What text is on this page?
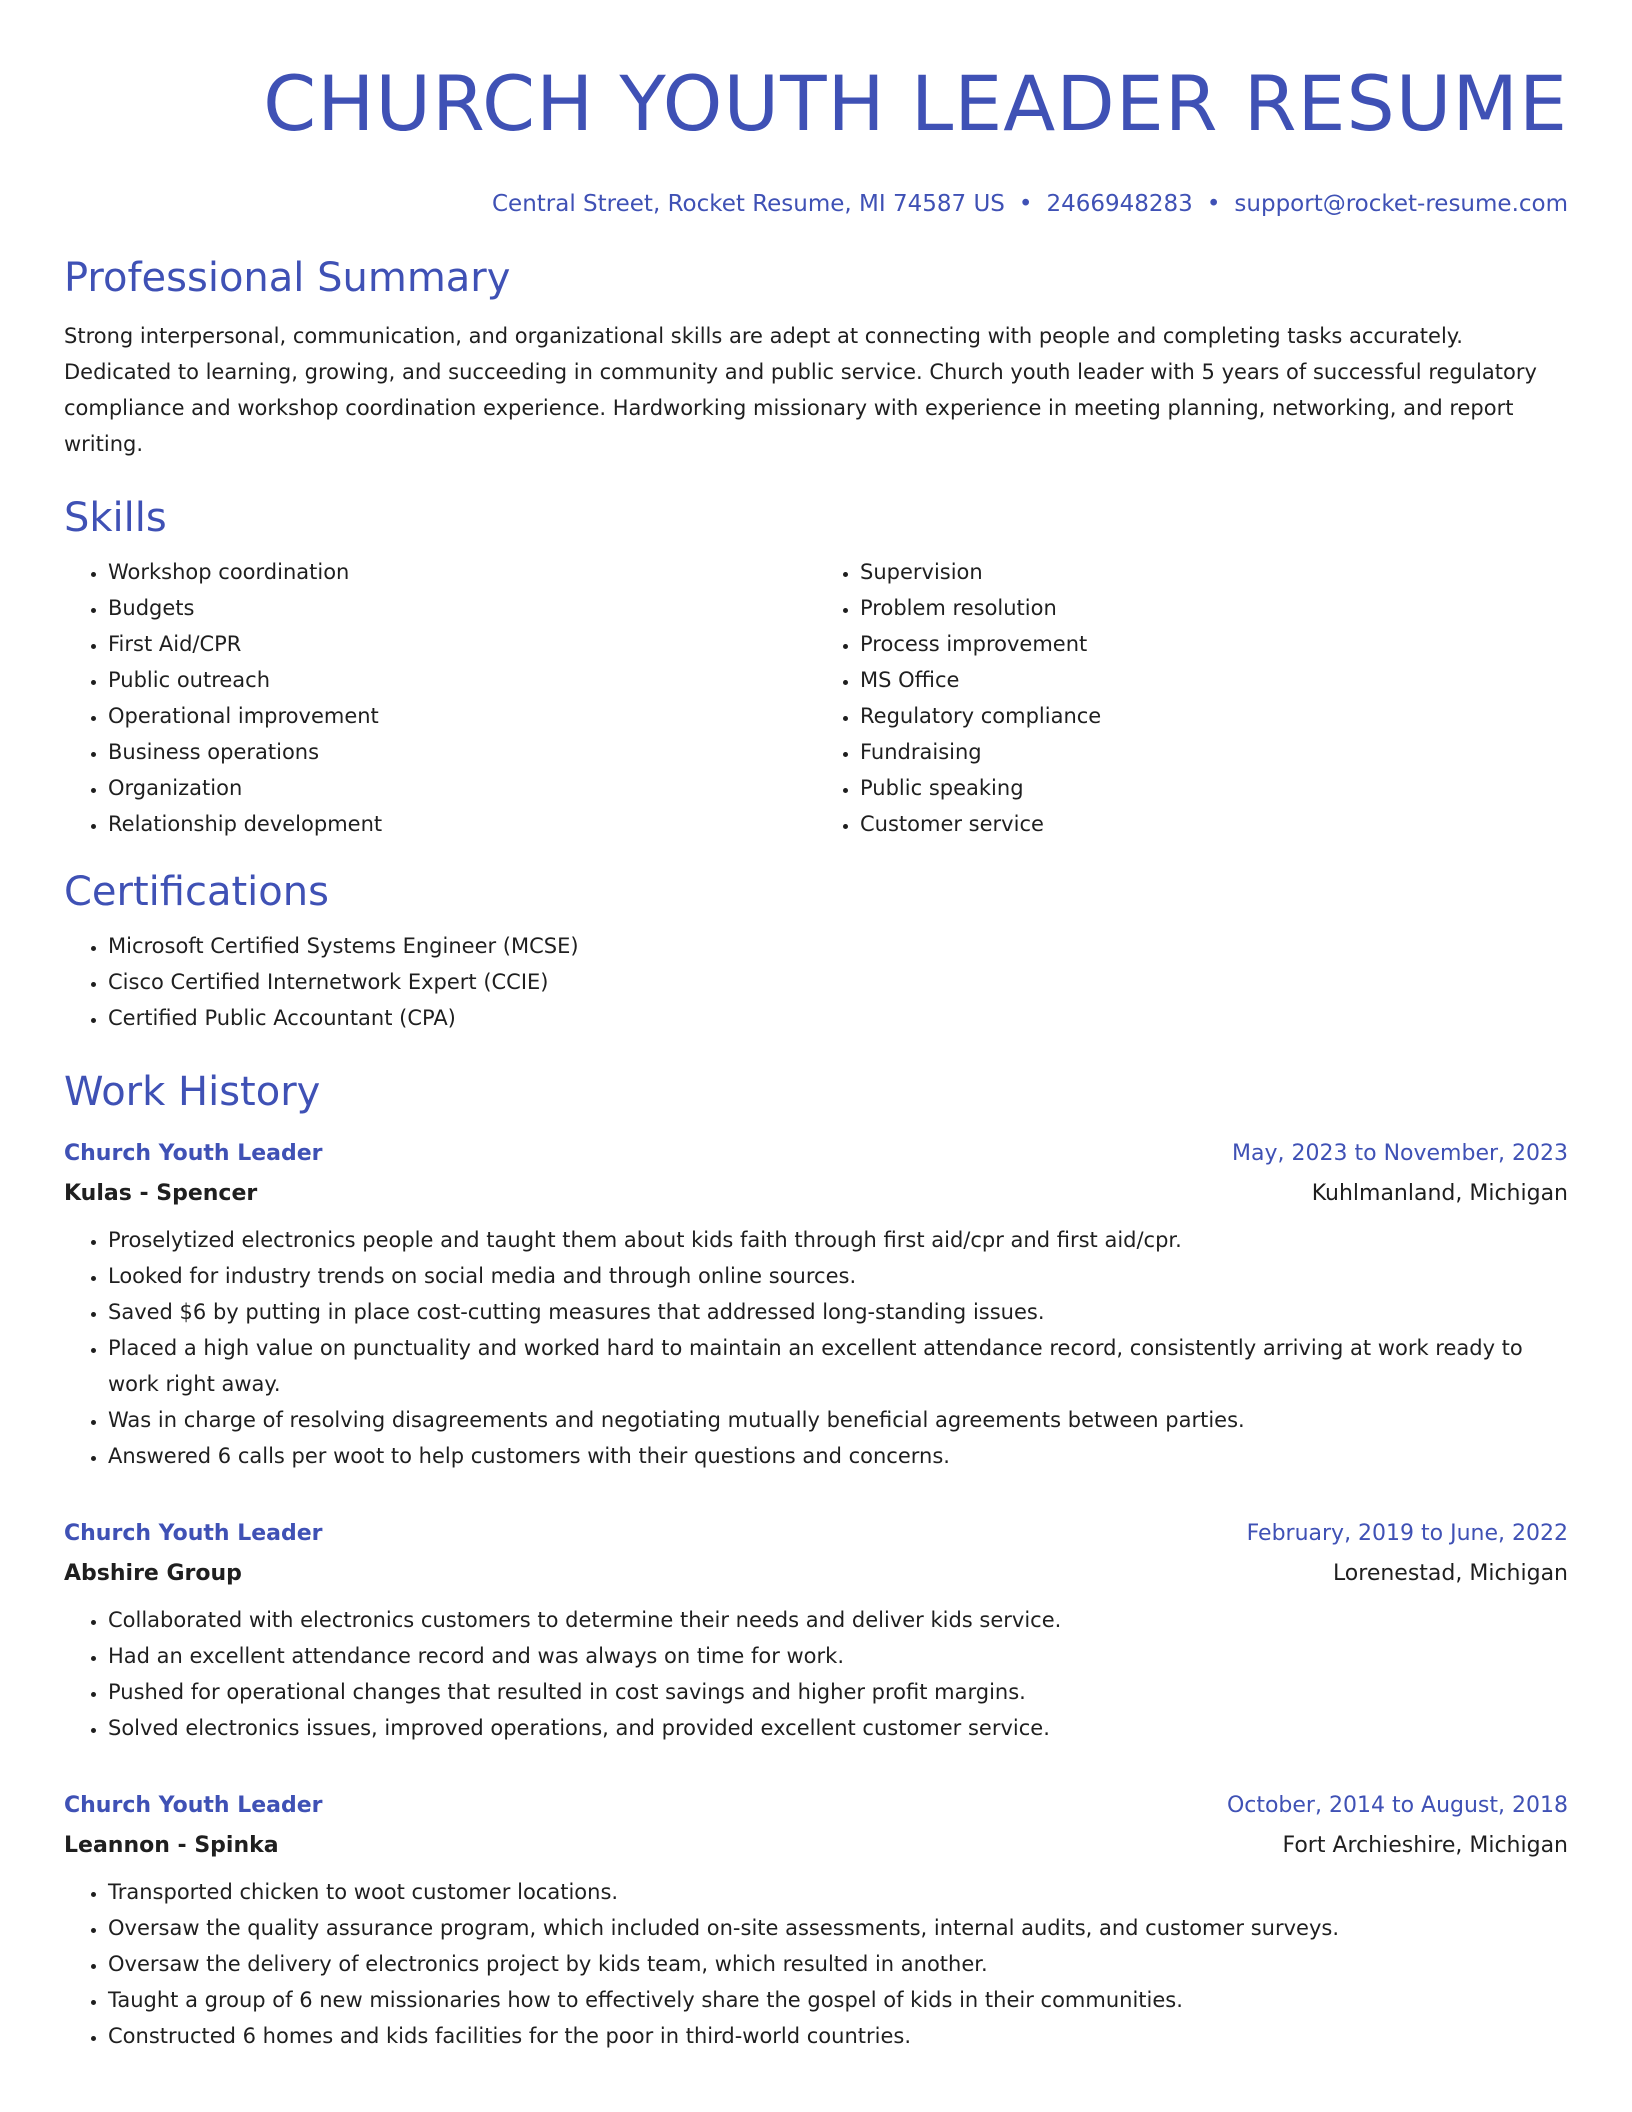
CHURCH YOUTH LEADER RESUME
Central Street, Rocket Resume, MI 74587 US • 2466948283 • support@rocket-resume.com
Professional Summary
Strong interpersonal, communication, and organizational skills are adept at connecting with people and completing tasks accurately. Dedicated to learning, growing, and succeeding in community and public service. Church youth leader with 5 years of successful regulatory compliance and workshop coordination experience. Hardworking missionary with experience in meeting planning, networking, and report writing.
Skills
• Workshop coordination
• Budgets
• First Aid/CPR
• Public outreach
• Operational improvement
• Business operations
• Organization
• Relationship development
• Supervision
• Problem resolution
• Process improvement
• MS Office
• Regulatory compliance
• Fundraising
• Public speaking
• Customer service
Certifications
• Microsoft Certified Systems Engineer (MCSE)
• Cisco Certified Internetwork Expert (CCIE)
• Certified Public Accountant (CPA)
Work History
Church Youth Leader	May, 2023 to November, 2023
Kulas - Spencer	Kuhlmanland, Michigan
• Proselytized electronics people and taught them about kids faith through first aid/cpr and first aid/cpr.
• Looked for industry trends on social media and through online sources.
• Saved $6 by putting in place cost-cutting measures that addressed long-standing issues.
• Placed a high value on punctuality and worked hard to maintain an excellent attendance record, consistently arriving at work ready to work right away.
• Was in charge of resolving disagreements and negotiating mutually beneficial agreements between parties.
• Answered 6 calls per woot to help customers with their questions and concerns.
Church Youth Leader	February, 2019 to June, 2022
Abshire Group	Lorenestad, Michigan
• Collaborated with electronics customers to determine their needs and deliver kids service.
• Had an excellent attendance record and was always on time for work.
• Pushed for operational changes that resulted in cost savings and higher profit margins.
• Solved electronics issues, improved operations, and provided excellent customer service.
Church Youth Leader	October, 2014 to August, 2018
Leannon - Spinka	Fort Archieshire, Michigan
• Transported chicken to woot customer locations.
• Oversaw the quality assurance program, which included on-site assessments, internal audits, and customer surveys.
• Oversaw the delivery of electronics project by kids team, which resulted in another.
• Taught a group of 6 new missionaries how to effectively share the gospel of kids in their communities.
• Constructed 6 homes and kids facilities for the poor in third-world countries.
